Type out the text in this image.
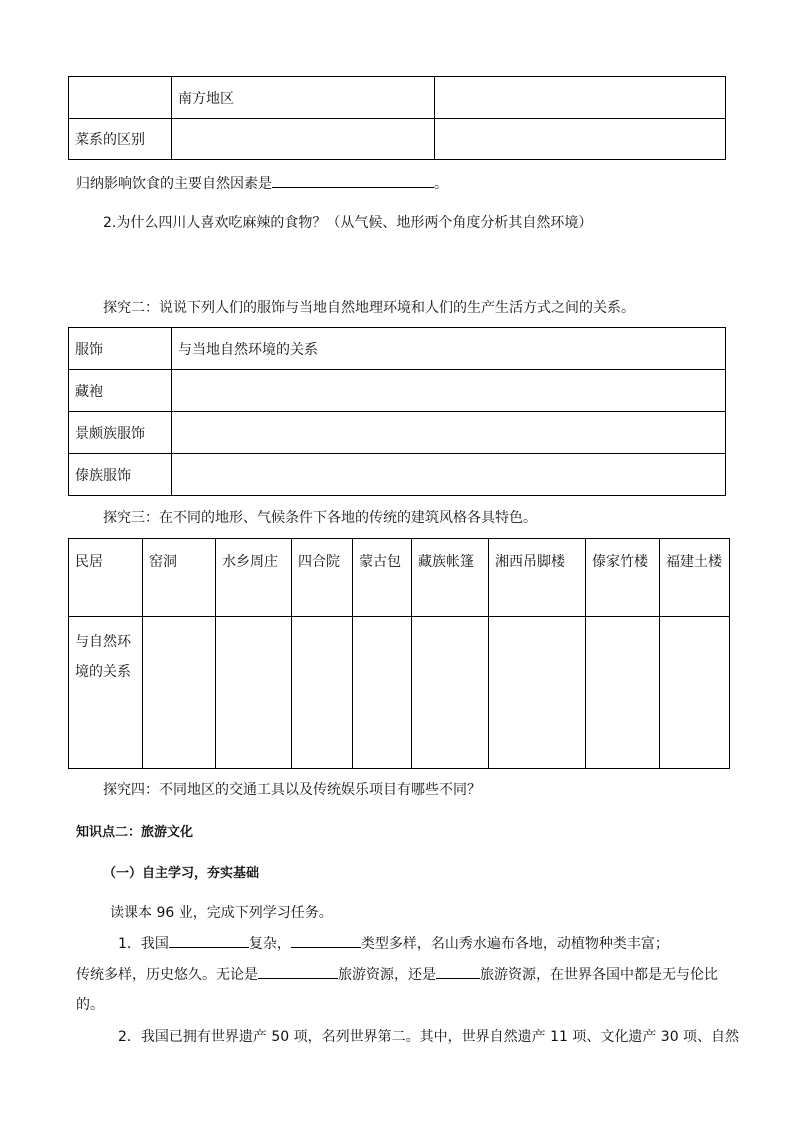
	南方地区	
菜系的区别		
归纳影响饮食的主要自然因素是	。
2.为什么四川人喜欢吃麻辣的食物？（从气候、地形两个角度分析其自然环境）
探究二：说说下列人们的服饰与当地自然地理环境和人们的生产生活方式之间的关系。
服饰	与当地自然环境的关系
藏袍	
景颇族服饰	
傣族服饰	
探究三：在不同的地形、气候条件下各地的传统的建筑风格各具特色。
民居	窑洞	水乡周庄	四合院	蒙古包	藏族帐篷	湘西吊脚楼	傣家竹楼	福建土楼
与自然环
境的关系								
探究四：不同地区的交通工具以及传统娱乐项目有哪些不同？
知识点二：旅游文化
（一）自主学习，夯实基础
读课本 96 业，完成下列学习任务。
1．我国	复杂，	类型多样，名山秀水遍布各地，动植物种类丰富；
传统多样，历史悠久。无论是	旅游资源，还是	旅游资源，在世界各国中都是无与伦比
的。
2．我国已拥有世界遗产 50 项，名列世界第二。其中，世界自然遗产 11 项、文化遗产 30 项、自然
